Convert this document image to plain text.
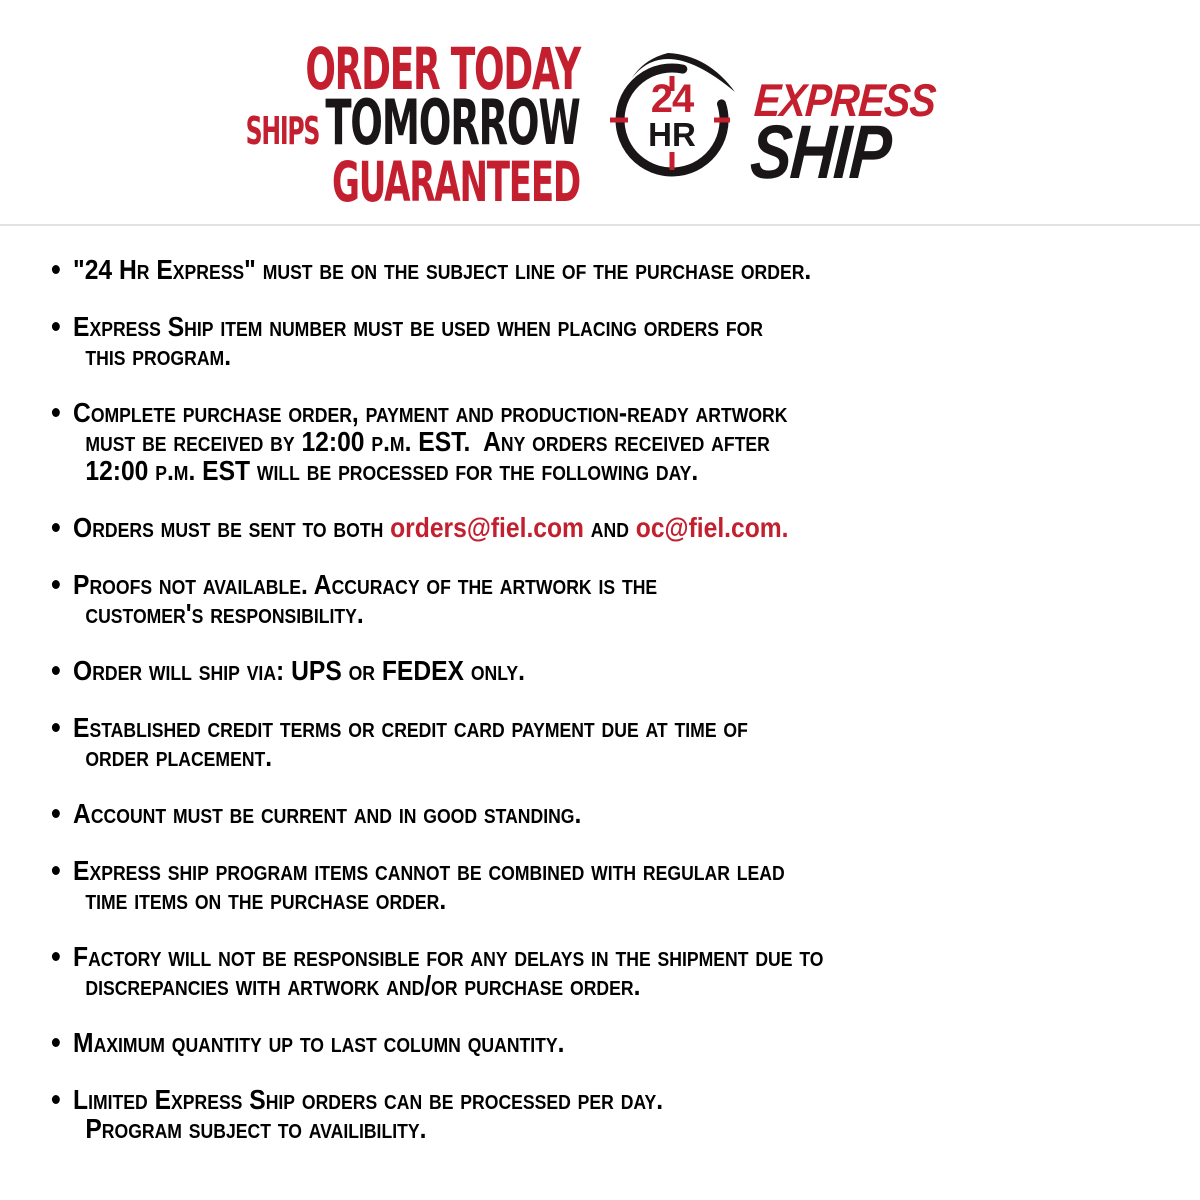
ORDER TODAY
SHIPS TOMORROW
GUARANTEED
24
HR
EXPRESS
SHIP
"24 Hr Express" must be on the subject line of the purchase order.
Express Ship item number must be used when placing orders for
this program.
Complete purchase order, payment and production-ready artwork
must be received by 12:00 p.m. EST.  Any orders received after
12:00 p.m. EST will be processed for the following day.
Orders must be sent to both orders@fiel.com and oc@fiel.com.
Proofs not available. Accuracy of the artwork is the
customer's responsibility.
Order will ship via: UPS or FEDEX only.
Established credit terms or credit card payment due at time of
order placement.
Account must be current and in good standing.
Express ship program items cannot be combined with regular lead
time items on the purchase order.
Factory will not be responsible for any delays in the shipment due to
discrepancies with artwork and/or purchase order.
Maximum quantity up to last column quantity.
Limited Express Ship orders can be processed per day.
Program subject to availibility.
